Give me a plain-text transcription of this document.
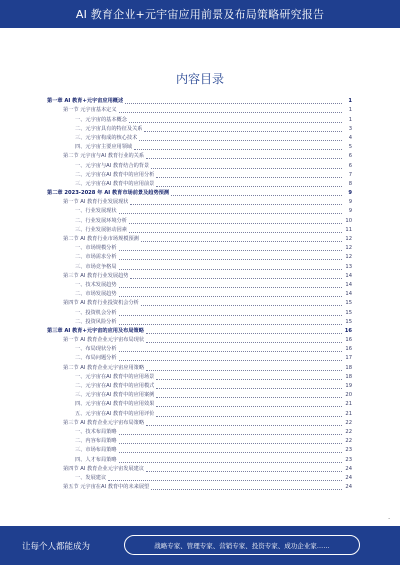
AI 教育企业+元宇宙应用前景及布局策略研究报告
内容目录
第一章 AI 教育+元宇宙应用概述	1
第一节 元宇宙基本定义	1
一、元宇宙的基本概念	1
二、元宇宙具有的特征及关系	3
三、元宇宙构成的核心技术	4
四、元宇宙主要应用领域	5
第二节 元宇宙与AI 教育行业的关系	6
一、元宇宙与AI 教育结合的背景	6
二、元宇宙在AI 教育中的应用分析	7
三、元宇宙在AI 教育中的应用前景	8
第二章 2023-2028 年 AI 教育市场前景及趋势预测	9
第一节 AI 教育行业发展现状	9
一、行业发展现状	9
二、行业发展环境分析	10
三、行业发展驱动因素	11
第二节 AI 教育行业市场规模预测	12
一、市场规模分析	12
二、市场需求分析	12
三、市场竞争格局	13
第三节 AI 教育行业发展趋势	14
一、技术发展趋势	14
二、市场发展趋势	14
第四节 AI 教育行业投资机会分析	15
一、投资机会分析	15
二、投资风险分析	15
第三章 AI 教育+元宇宙的应用及布局策略	16
第一节 AI 教育企业元宇宙布局现状	16
一、布局现状分析	16
二、布局问题分析	17
第二节 AI 教育企业元宇宙应用策略	18
一、元宇宙在AI 教育中的应用场景	18
二、元宇宙在AI 教育中的应用模式	19
三、元宇宙在AI 教育中的应用案例	20
四、元宇宙在AI 教育中的应用效果	21
五、元宇宙在AI 教育中的应用评价	21
第三节 AI 教育企业元宇宙布局策略	22
一、技术布局策略	22
二、内容布局策略	22
三、市场布局策略	23
四、人才布局策略	23
第四节 AI 教育企业元宇宙发展建议	24
一、发展建议	24
第五节 元宇宙在AI 教育中的未来展望	24
-
让每个人都能成为	战略专家、管理专家、营销专家、投资专家、成功企业家……
